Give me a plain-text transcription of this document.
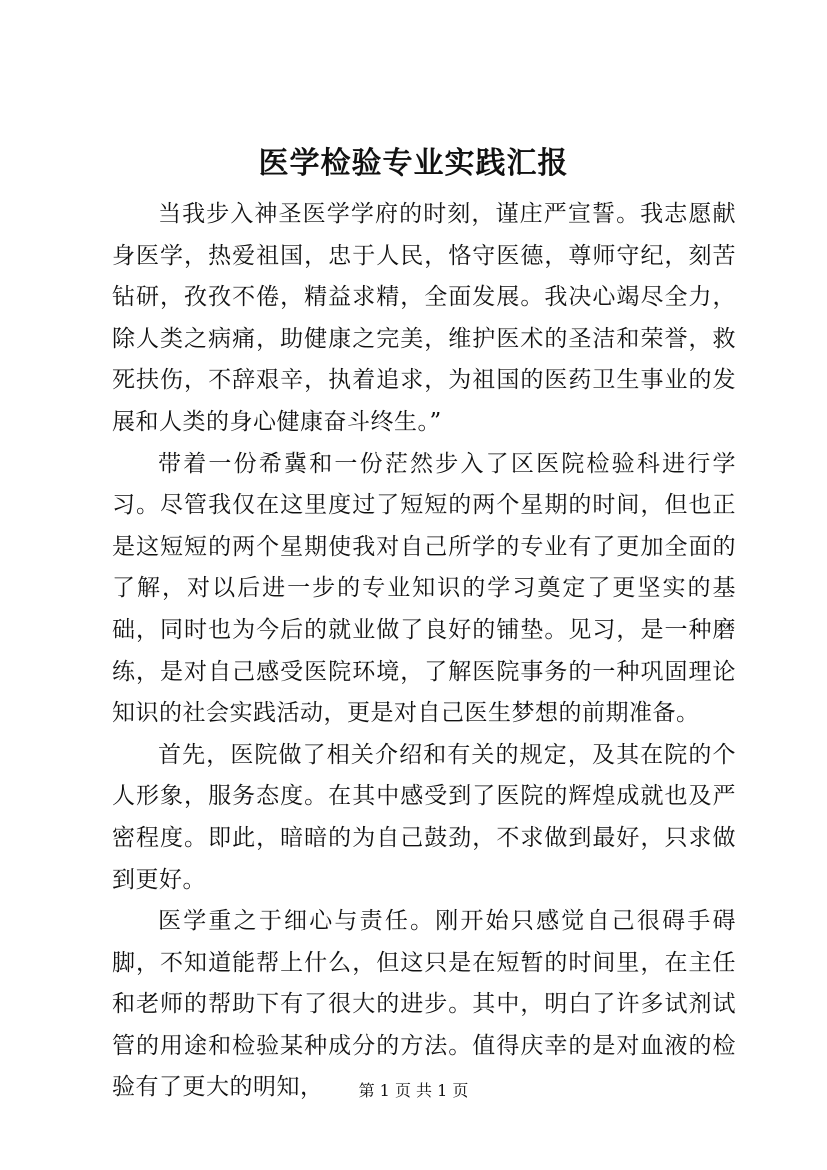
医学检验专业实践汇报

当我步入神圣医学学府的时刻，谨庄严宣誓。我志愿献身医学，热爱祖国，忠于人民，恪守医德，尊师守纪，刻苦钻研，孜孜不倦，精益求精，全面发展。我决心竭尽全力，除人类之病痛，助健康之完美，维护医术的圣洁和荣誉，救死扶伤，不辞艰辛，执着追求，为祖国的医药卫生事业的发展和人类的身心健康奋斗终生。”

带着一份希冀和一份茫然步入了区医院检验科进行学习。尽管我仅在这里度过了短短的两个星期的时间，但也正是这短短的两个星期使我对自己所学的专业有了更加全面的了解，对以后进一步的专业知识的学习奠定了更坚实的基础，同时也为今后的就业做了良好的铺垫。见习，是一种磨练，是对自己感受医院环境，了解医院事务的一种巩固理论知识的社会实践活动，更是对自己医生梦想的前期准备。

首先，医院做了相关介绍和有关的规定，及其在院的个人形象，服务态度。在其中感受到了医院的辉煌成就也及严密程度。即此，暗暗的为自己鼓劲，不求做到最好，只求做到更好。

医学重之于细心与责任。刚开始只感觉自己很碍手碍脚，不知道能帮上什么，但这只是在短暂的时间里，在主任和老师的帮助下有了很大的进步。其中，明白了许多试剂试管的用途和检验某种成分的方法。值得庆幸的是对血液的检验有了更大的明知，	第 1 页 共 1 页
